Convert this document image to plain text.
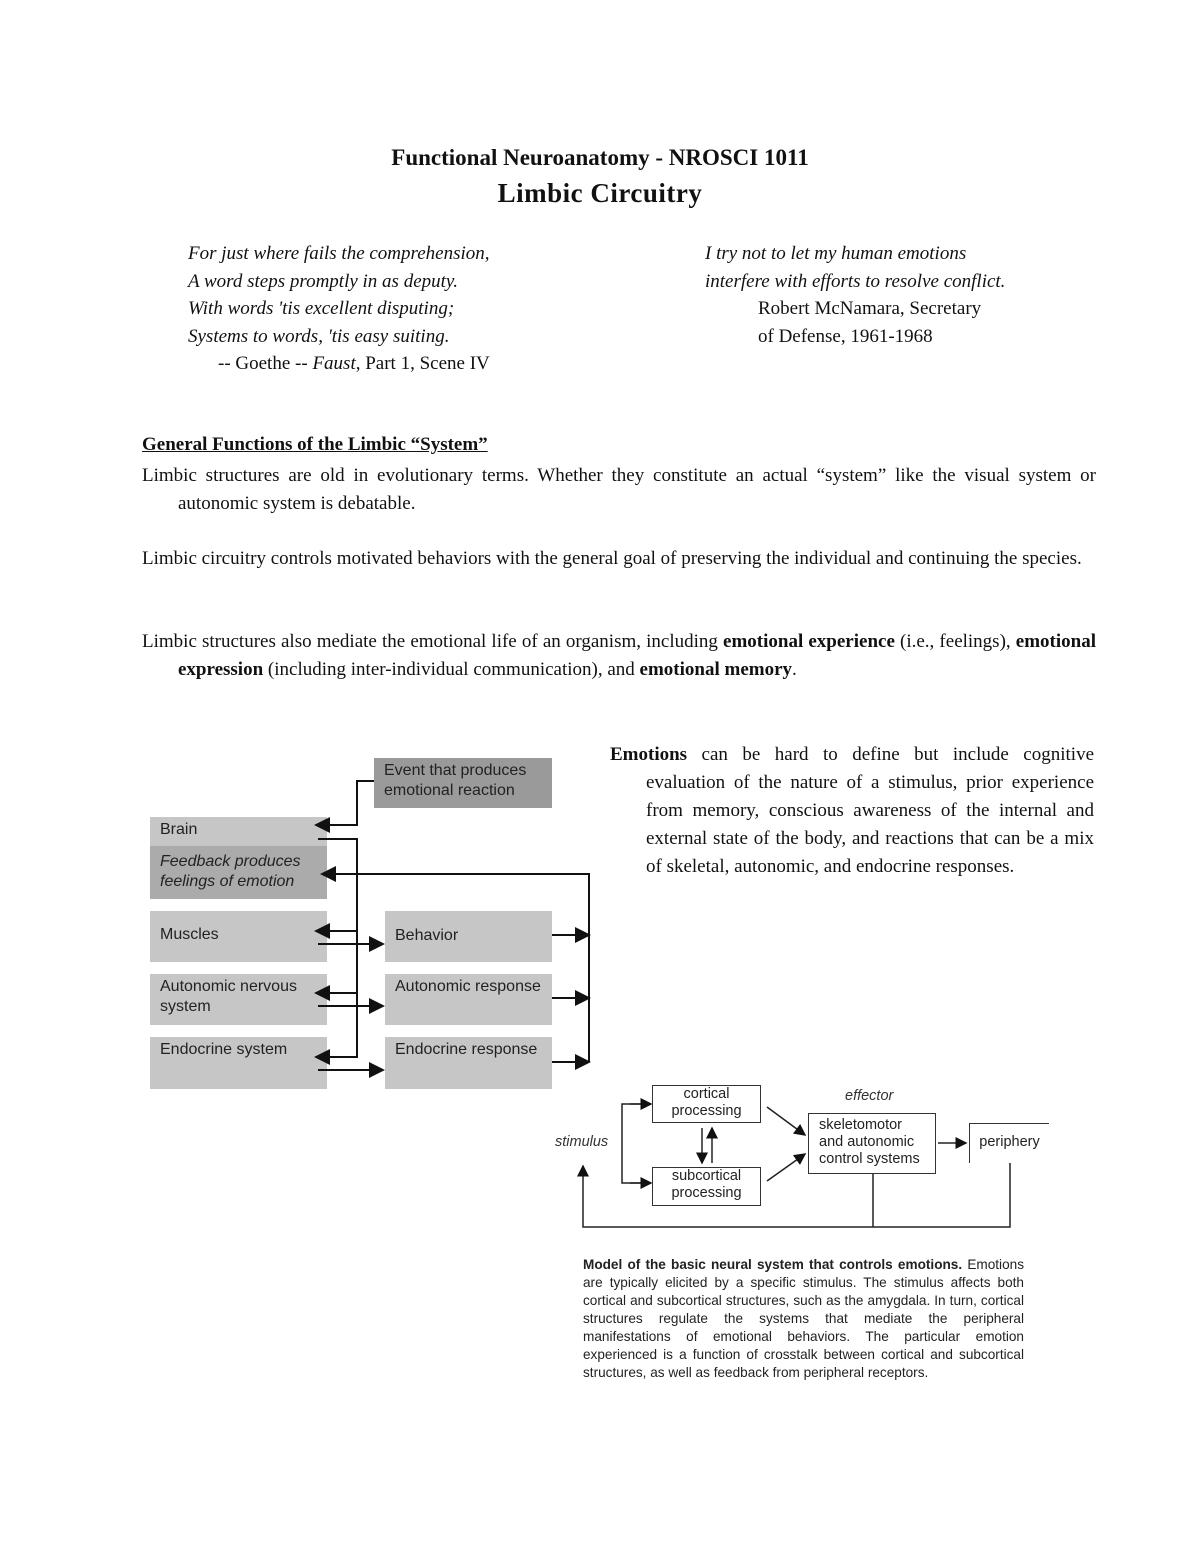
Functional Neuroanatomy - NROSCI 1011
Limbic Circuitry
For just where fails the comprehension,
A word steps promptly in as deputy.
With words 'tis excellent disputing;
Systems to words, 'tis easy suiting.
-- Goethe -- Faust, Part 1, Scene IV
I try not to let my human emotions
interfere with efforts to resolve conflict.
Robert McNamara, Secretary
of Defense, 1961-1968
General Functions of the Limbic “System”
Limbic structures are old in evolutionary terms. Whether they constitute an actual “system” like the visual system or autonomic system is debatable.
Limbic circuitry controls motivated behaviors with the general goal of preserving the individual and continuing the species.
Limbic structures also mediate the emotional life of an organism, including emotional experience (i.e., feelings), emotional expression (including inter-individual communication), and emotional memory.
Emotions can be hard to define but include cognitive evaluation of the nature of a stimulus, prior experience from memory, conscious awareness of the internal and external state of the body, and reactions that can be a mix of skeletal, autonomic, and endocrine responses.
Event that produces emotional reaction
Brain
Feedback produces feelings of emotion
Muscles
Autonomic nervous system
Endocrine system
Behavior
Autonomic response
Endocrine response
stimulus
cortical processing
subcortical processing
effector
skeletomotor and autonomic control systems
periphery
Model of the basic neural system that controls emotions. Emotions are typically elicited by a specific stimulus. The stimulus affects both cortical and subcortical structures, such as the amygdala. In turn, cortical structures regulate the systems that mediate the peripheral manifestations of emotional behaviors. The particular emotion experienced is a function of crosstalk between cortical and subcortical structures, as well as feedback from peripheral receptors.
